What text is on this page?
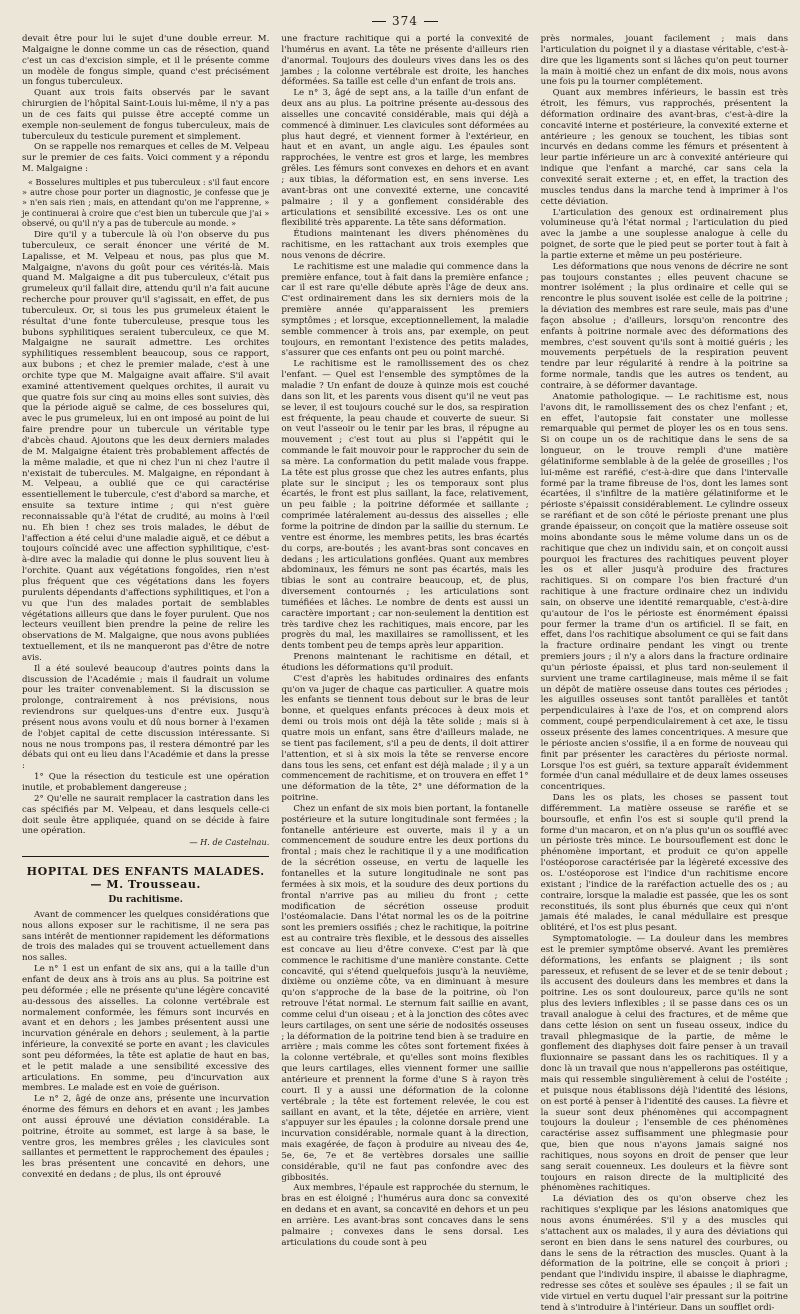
374

devait être pour lui le sujet d'une double erreur. M. Malgaigne le donne comme un cas de résection, quand c'est un cas d'excision simple, et il le présente comme un modèle de fongus simple, quand c'est précisément un fongus tuberculeux.

Quant aux trois faits observés par le savant chirurgien de l'hôpital Saint-Louis lui-même, il n'y a pas un de ces faits qui puisse être accepté comme un exemple non-seulement de fongus tuberculeux, mais de tuberculeux du testicule purement et simplement.

On se rappelle nos remarques et celles de M. Velpeau sur le premier de ces faits. Voici comment y a répondu M. Malgaigne :

« Bosselures multiples et pus tuberculeux : s'il faut encore » autre chose pour porter un diagnostic, je confesse que je » n'en sais rien ; mais, en attendant qu'on me l'apprenne, » je continuerai à croire que c'est bien un tubercule que j'ai » observé, ou qu'il n'y a pas de tubercule au monde. »

Dire qu'il y a tubercule là où l'on observe du pus tuberculeux, ce serait énoncer une vérité de M. Lapalisse, et M. Velpeau et nous, pas plus que M. Malgaigne, n'avons du goût pour ces vérités-là. Mais quand M. Malgaigne a dit pus tuberculeux, c'était pus grumeleux qu'il fallait dire, attendu qu'il n'a fait aucune recherche pour prouver qu'il s'agissait, en effet, de pus tuberculeux. Or, si tous les pus grumeleux étaient le résultat d'une fonte tuberculeuse, presque tous les bubons syphilitiques seraient tuberculeux, ce que M. Malgaigne ne saurait admettre. Les orchites syphilitiques ressemblent beaucoup, sous ce rapport, aux bubons ; et chez le premier malade, c'est à une orchite type que M. Malgaigne avait affaire. S'il avait examiné attentivement quelques orchites, il aurait vu que quatre fois sur cinq au moins elles sont suivies, dès que la période aiguë se calme, de ces bosselures qui, avec le pus grumeleux, lui en ont imposé au point de lui faire prendre pour un tubercule un véritable type d'abcès chaud. Ajoutons que les deux derniers malades de M. Malgaigne étaient très probablement affectés de la même maladie, et que ni chez l'un ni chez l'autre il n'existait de tubercules. M. Malgaigne, en répondant à M. Velpeau, a oublié que ce qui caractérise essentiellement le tubercule, c'est d'abord sa marche, et ensuite sa texture intime ; qui n'est guère reconnaissable qu'à l'état de crudité, au moins à l'œil nu. Eh bien ! chez ses trois malades, le début de l'affection a été celui d'une maladie aiguë, et ce début a toujours coïncidé avec une affection syphilitique, c'est-à-dire avec la maladie qui donne le plus souvent lieu à l'orchite. Quant aux végétations fongoïdes, rien n'est plus fréquent que ces végétations dans les foyers purulents dépendants d'affections syphilitiques, et l'on a vu que l'un des malades portait de semblables végétations ailleurs que dans le foyer purulent. Que nos lecteurs veuillent bien prendre la peine de relire les observations de M. Malgaigne, que nous avons publiées textuellement, et ils ne manqueront pas d'être de notre avis.

Il a été soulevé beaucoup d'autres points dans la discussion de l'Académie ; mais il faudrait un volume pour les traiter convenablement. Si la discussion se prolonge, contrairement à nos prévisions, nous reviendrons sur quelques-uns d'entre eux. Jusqu'à présent nous avons voulu et dû nous borner à l'examen de l'objet capital de cette discussion intéressante. Si nous ne nous trompons pas, il restera démontré par les débats qui ont eu lieu dans l'Académie et dans la presse :

1° Que la résection du testicule est une opération inutile, et probablement dangereuse ;

2° Qu'elle ne saurait remplacer la castration dans les cas spécifiés par M. Velpeau, et dans lesquels celle-ci doit seule être appliquée, quand on se décide à faire une opération.

— H. de Castelnau.
HOPITAL DES ENFANTS MALADES. — M. Trousseau.
Du rachitisme.

Avant de commencer les quelques considérations que nous allons exposer sur le rachitisme, il ne sera pas sans intérêt de mentionner rapidement les déformations de trois des malades qui se trouvent actuellement dans nos salles.

Le n° 1 est un enfant de six ans, qui a la taille d'un enfant de deux ans à trois ans au plus. Sa poitrine est peu déformée ; elle ne présente qu'une légère concavité au-dessous des aisselles. La colonne vertébrale est normalement conformée, les fémurs sont incurvés en avant et en dehors ; les jambes présentent aussi une incurvation générale en dehors ; seulement, à la partie inférieure, la convexité se porte en avant ; les clavicules sont peu déformées, la tête est aplatie de haut en bas, et le petit malade a une sensibilité excessive des articulations. En somme, peu d'incurvation aux membres. Le malade est en voie de guérison.

Le n° 2, âgé de onze ans, présente une incurvation énorme des fémurs en dehors et en avant ; les jambes ont aussi éprouvé une déviation considérable. La poitrine, étroite au sommet, est large à sa base, le ventre gros, les membres grêles ; les clavicules sont saillantes et permettent le rapprochement des épaules ; les bras présentent une concavité en dehors, une convexité en dedans ; de plus, ils ont éprouvé

une fracture rachitique qui a porté la convexité de l'humérus en avant. La tête ne présente d'ailleurs rien d'anormal. Toujours des douleurs vives dans les os des jambes ; la colonne vertébrale est droite, les hanches déformées. Sa taille est celle d'un enfant de trois ans.

Le n° 3, âgé de sept ans, a la taille d'un enfant de deux ans au plus. La poitrine présente au-dessous des aisselles une concavité considérable, mais qui déjà a commencé à diminuer. Les clavicules sont déformées au plus haut degré, et viennent former à l'extérieur, en haut et en avant, un angle aigu. Les épaules sont rapprochées, le ventre est gros et large, les membres grêles. Les fémurs sont convexes en dehors et en avant ; aux tibias, la déformation est, en sens inverse. Les avant-bras ont une convexité externe, une concavité palmaire ; il y a gonflement considérable des articulations et sensibilité excessive. Les os ont une flexibilité très apparente. La tête sans déformation.

Étudions maintenant les divers phénomènes du rachitisme, en les rattachant aux trois exemples que nous venons de décrire.

Le rachitisme est une maladie qui commence dans la première enfance, tout à fait dans la première enfance ; car il est rare qu'elle débute après l'âge de deux ans. C'est ordinairement dans les six derniers mois de la première année qu'apparaissent les premiers symptômes ; et lorsque, exceptionnellement, la maladie semble commencer à trois ans, par exemple, on peut toujours, en remontant l'existence des petits malades, s'assurer que ces enfants ont peu ou point marché.

Le rachitisme est le ramollissement des os chez l'enfant. — Quel est l'ensemble des symptômes de la maladie ? Un enfant de douze à quinze mois est couché dans son lit, et les parents vous disent qu'il ne veut pas se lever, il est toujours couché sur le dos, sa respiration est fréquente, la peau chaude et couverte de sueur. Si on veut l'asseoir ou le tenir par les bras, il répugne au mouvement ; c'est tout au plus si l'appétit qui le commande le fait mouvoir pour le rapprocher du sein de sa mère. La conformation du petit malade vous frappe. La tête est plus grosse que chez les autres enfants, plus plate sur le sinciput ; les os temporaux sont plus écartés, le front est plus saillant, la face, relativement, un peu faible ; la poitrine déformée et saillante ; comprimée latéralement au-dessus des aisselles ; elle forme la poitrine de dindon par la saillie du sternum. Le ventre est énorme, les membres petits, les bras écartés du corps, are-boutés ; les avant-bras sont concaves en dedans ; les articulations gonflées. Quant aux membres abdominaux, les fémurs ne sont pas écartés, mais les tibias le sont au contraire beaucoup, et, de plus, diversement contournés ; les articulations sont tuméfiées et lâches. Le nombre de dents est aussi un caractère important ; car non-seulement la dentition est très tardive chez les rachitiques, mais encore, par les progrès du mal, les maxillaires se ramollissent, et les dents tombent peu de temps après leur apparition.

Prenons maintenant le rachitisme en détail, et étudions les déformations qu'il produit.

C'est d'après les habitudes ordinaires des enfants qu'on va juger de chaque cas particulier. A quatre mois les enfants se tiennent tous debout sur le bras de leur bonne, et quelques enfants précoces à deux mois et demi ou trois mois ont déjà la tête solide ; mais si à quatre mois un enfant, sans être d'ailleurs malade, ne se tient pas facilement, s'il a peu de dents, il doit attirer l'attention, et si à six mois la tête se renverse encore dans tous les sens, cet enfant est déjà malade ; il y a un commencement de rachitisme, et on trouvera en effet 1° une déformation de la tête, 2° une déformation de la poitrine.

Chez un enfant de six mois bien portant, la fontanelle postérieure et la suture longitudinale sont fermées ; la fontanelle antérieure est ouverte, mais il y a un commencement de soudure entre les deux portions du frontal ; mais chez le rachitique il y a une modification de la sécrétion osseuse, en vertu de laquelle les fontanelles et la suture longitudinale ne sont pas fermées à six mois, et la soudure des deux portions du frontal n'arrive pas au milieu du front ; cette modification de sécrétion osseuse produit l'ostéomalacie. Dans l'état normal les os de la poitrine sont les premiers ossifiés ; chez le rachitique, la poitrine est au contraire très flexible, et le dessous des aisselles est concave au lieu d'être convexe. C'est par là que commence le rachitisme d'une manière constante. Cette concavité, qui s'étend quelquefois jusqu'à la neuvième, dixième ou onzième côte, va en diminuant à mesure qu'on s'approche de la base de la poitrine, où l'on retrouve l'état normal. Le sternum fait saillie en avant, comme celui d'un oiseau ; et à la jonction des côtes avec leurs cartilages, on sent une série de nodosités osseuses ; la déformation de la poitrine tend bien à se traduire en arrière ; mais comme les côtes sont fortement fixées à la colonne vertébrale, et qu'elles sont moins flexibles que leurs cartilages, elles viennent former une saillie antérieure et prennent la forme d'une S à rayon très court. Il y a aussi une déformation de la colonne vertébrale ; la tête est fortement relevée, le cou est saillant en avant, et la tête, déjetée en arrière, vient s'appuyer sur les épaules ; la colonne dorsale prend une incurvation considérable, normale quant à la direction, mais exagérée, de façon à produire au niveau des 4e, 5e, 6e, 7e et 8e vertèbres dorsales une saillie considérable, qu'il ne faut pas confondre avec des gibbosités.

Aux membres, l'épaule est rapprochée du sternum, le bras en est éloigné ; l'humérus aura donc sa convexité en dedans et en avant, sa concavité en dehors et un peu en arrière. Les avant-bras sont concaves dans le sens palmaire ; convexes dans le sens dorsal. Les articulations du coude sont à peu

près normales, jouant facilement ; mais dans l'articulation du poignet il y a diastase véritable, c'est-à-dire que les ligaments sont si lâches qu'on peut tourner la main à moitié chez un enfant de dix mois, nous avons une fois pu la tourner complétement.

Quant aux membres inférieurs, le bassin est très étroit, les fémurs, vus rapprochés, présentent la déformation ordinaire des avant-bras, c'est-à-dire la concavité interne et postérieure, la convexité externe et antérieure ; les genoux se touchent, les tibias sont incurvés en dedans comme les fémurs et présentent à leur partie inférieure un arc à convexité antérieure qui indique que l'enfant a marché, car sans cela la convexité serait externe ; et, en effet, la traction des muscles tendus dans la marche tend à imprimer à l'os cette déviation.

L'articulation des genoux est ordinairement plus volumineuse qu'à l'état normal ; l'articulation du pied avec la jambe a une souplesse analogue à celle du poignet, de sorte que le pied peut se porter tout à fait à la partie externe et même un peu postérieure.

Les déformations que nous venons de décrire ne sont pas toujours constantes ; elles peuvent chacune se montrer isolément ; la plus ordinaire et celle qui se rencontre le plus souvent isolée est celle de la poitrine ; la déviation des membres est rare seule, mais pas d'une façon absolue ; d'ailleurs, lorsqu'on rencontre des enfants à poitrine normale avec des déformations des membres, c'est souvent qu'ils sont à moitié guéris ; les mouvements perpétuels de la respiration peuvent tendre par leur régularité à rendre à la poitrine sa forme normale, tandis que les autres os tendent, au contraire, à se déformer davantage.

Anatomie pathologique. — Le rachitisme est, nous l'avons dit, le ramollissement des os chez l'enfant ; et, en effet, l'autopsie fait constater une mollesse remarquable qui permet de ployer les os en tous sens. Si on coupe un os de rachitique dans le sens de sa longueur, on le trouve rempli d'une matière gélatiniforme semblable à de la gelée de groseilles ; l'os lui-même est raréfié, c'est-à-dire que dans l'intervalle formé par la trame fibreuse de l'os, dont les lames sont écartées, il s'infiltre de la matière gélatiniforme et le périoste s'épaissit considérablement. Le cylindre osseux se raréfiant et de son côté le périoste prenant une plus grande épaisseur, on conçoit que la matière osseuse soit moins abondante sous le même volume dans un os de rachitique que chez un individu sain, et on conçoit aussi pourquoi les fractures des rachitiques peuvent ployer les os et aller jusqu'à produire des fractures rachitiques. Si on compare l'os bien fracturé d'un rachitique à une fracture ordinaire chez un individu sain, on observe une identité remarquable, c'est-à-dire qu'autour de l'os le périoste est énormément épaissi pour fermer la trame d'un os artificiel. Il se fait, en effet, dans l'os rachitique absolument ce qui se fait dans la fracture ordinaire pendant les vingt ou trente premiers jours ; il n'y a alors dans la fracture ordinaire qu'un périoste épaissi, et plus tard non-seulement il survient une trame cartilagineuse, mais même il se fait un dépôt de matière osseuse dans toutes ces périodes ; les aiguilles osseuses sont tantôt parallèles et tantôt perpendiculaires à l'axe de l'os, et on comprend alors comment, coupé perpendiculairement à cet axe, le tissu osseux présente des lames concentriques. A mesure que le périoste ancien s'ossifie, il a en forme de nouveau qui finit par présenter les caractères du périoste normal. Lorsque l'os est guéri, sa texture apparaît évidemment formée d'un canal médullaire et de deux lames osseuses concentriques.

Dans les os plats, les choses se passent tout différemment. La matière osseuse se raréfie et se boursoufle, et enfin l'os est si souple qu'il prend la forme d'un macaron, et on n'a plus qu'un os soufflé avec un périoste très mince. Le boursouflement est donc le phénomène important, et produit ce qu'on appelle l'ostéoporose caractérisée par la légèreté excessive des os. L'ostéoporose est l'indice d'un rachitisme encore existant ; l'indice de la raréfaction actuelle des os ; au contraire, lorsque la maladie est passée, que les os sont reconstitués, ils sont plus éburnés que ceux qui n'ont jamais été malades, le canal médullaire est presque oblitéré, et l'os est plus pesant.

Symptomatologie. — La douleur dans les membres est le premier symptôme observé. Avant les premières déformations, les enfants se plaignent ; ils sont paresseux, et refusent de se lever et de se tenir debout ; ils accusent des douleurs dans les membres et dans la poitrine. Les os sont douloureux, parce qu'ils ne sont plus des leviers inflexibles ; il se passe dans ces os un travail analogue à celui des fractures, et de même que dans cette lésion on sent un fuseau osseux, indice du travail phlegmasique de la partie, de même le gonflement des diaphyses doit faire penser à un travail fluxionnaire se passant dans les os rachitiques. Il y a donc là un travail que nous n'appellerons pas ostéitique, mais qui ressemble singulièrement à celui de l'ostéite ; et puisque nous établissons déjà l'identité des lésions, on est porté à penser à l'identité des causes. La fièvre et la sueur sont deux phénomènes qui accompagnent toujours la douleur ; l'ensemble de ces phénomènes caractérise assez suffisamment une phlegmasie pour que, bien que nous n'ayons jamais saigné nos rachitiques, nous soyons en droit de penser que leur sang serait couenneux. Les douleurs et la fièvre sont toujours en raison directe de la multiplicité des phénomènes rachitiques.

La déviation des os qu'on observe chez les rachitiques s'explique par les lésions anatomiques que nous avons énumérées. S'il y a des muscles qui s'attachent aux os malades, il y aura des déviations qui seront en bien dans le sens naturel des courbures, ou dans le sens de la rétraction des muscles. Quant à la déformation de la poitrine, elle se conçoit à priori ; pendant que l'individu inspire, il abaisse le diaphragme, redresse ses côtes et soulève ses épaules ; il se fait un vide virtuel en vertu duquel l'air pressant sur la poitrine tend à s'introduire à l'intérieur. Dans un soufflet ordi-
